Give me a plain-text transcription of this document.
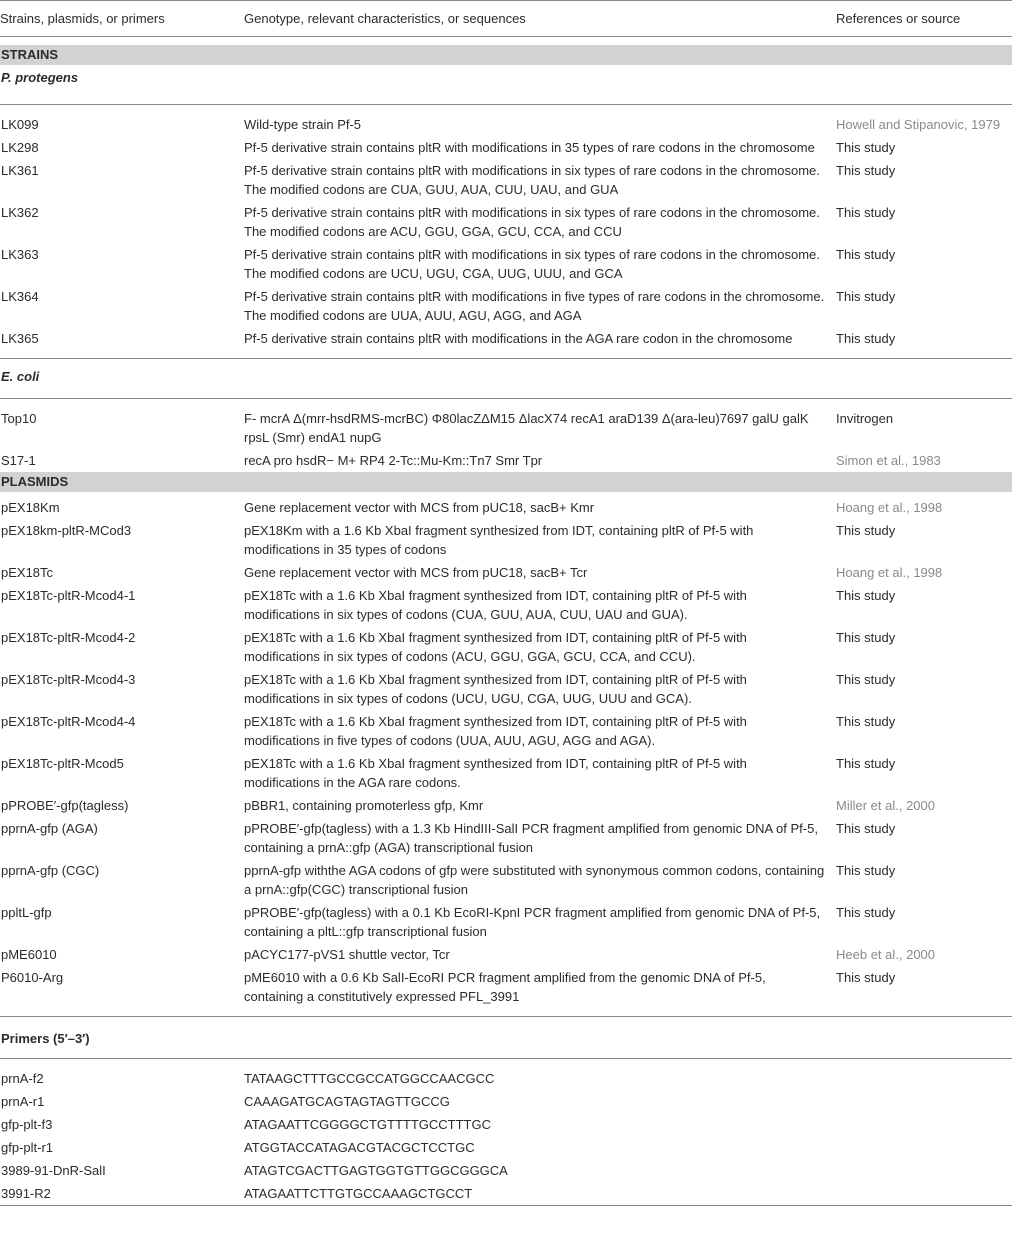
Strains, plasmids, or primers	Genotype, relevant characteristics, or sequences	References or source

STRAINS		
P. protegens		

LK099	Wild-type strain Pf-5	Howell and Stipanovic, 1979
LK298	Pf-5 derivative strain contains pltR with modifications in 35 types of rare codons in the chromosome	This study
LK361	Pf-5 derivative strain contains pltR with modifications in six types of rare codons in the chromosome. The modified codons are CUA, GUU, AUA, CUU, UAU, and GUA	This study
LK362	Pf-5 derivative strain contains pltR with modifications in six types of rare codons in the chromosome. The modified codons are ACU, GGU, GGA, GCU, CCA, and CCU	This study
LK363	Pf-5 derivative strain contains pltR with modifications in six types of rare codons in the chromosome. The modified codons are UCU, UGU, CGA, UUG, UUU, and GCA	This study
LK364	Pf-5 derivative strain contains pltR with modifications in five types of rare codons in the chromosome. The modified codons are UUA, AUU, AGU, AGG, and AGA	This study
LK365	Pf-5 derivative strain contains pltR with modifications in the AGA rare codon in the chromosome	This study

E. coli		

Top10	F- mcrA Δ(mrr-hsdRMS-mcrBC) Φ80lacZΔM15 ΔlacX74 recA1 araD139 Δ(ara-leu)7697 galU galK rpsL (Smr) endA1 nupG	Invitrogen
S17-1	recA pro hsdR− M+ RP4 2-Tc::Mu-Km::Tn7 Smr Tpr	Simon et al., 1983
PLASMIDS		

pEX18Km	Gene replacement vector with MCS from pUC18, sacB+ Kmr	Hoang et al., 1998
pEX18km-pltR-MCod3	pEX18Km with a 1.6 Kb XbaI fragment synthesized from IDT, containing pltR of Pf-5 with modifications in 35 types of codons	This study
pEX18Tc	Gene replacement vector with MCS from pUC18, sacB+ Tcr	Hoang et al., 1998
pEX18Tc-pltR-Mcod4-1	pEX18Tc with a 1.6 Kb XbaI fragment synthesized from IDT, containing pltR of Pf-5 with modifications in six types of codons (CUA, GUU, AUA, CUU, UAU and GUA).	This study
pEX18Tc-pltR-Mcod4-2	pEX18Tc with a 1.6 Kb XbaI fragment synthesized from IDT, containing pltR of Pf-5 with modifications in six types of codons (ACU, GGU, GGA, GCU, CCA, and CCU).	This study
pEX18Tc-pltR-Mcod4-3	pEX18Tc with a 1.6 Kb XbaI fragment synthesized from IDT, containing pltR of Pf-5 with modifications in six types of codons (UCU, UGU, CGA, UUG, UUU and GCA).	This study
pEX18Tc-pltR-Mcod4-4	pEX18Tc with a 1.6 Kb XbaI fragment synthesized from IDT, containing pltR of Pf-5 with modifications in five types of codons (UUA, AUU, AGU, AGG and AGA).	This study
pEX18Tc-pltR-Mcod5	pEX18Tc with a 1.6 Kb XbaI fragment synthesized from IDT, containing pltR of Pf-5 with modifications in the AGA rare codons.	This study
pPROBE′-gfp(tagless)	pBBR1, containing promoterless gfp, Kmr	Miller et al., 2000
pprnA-gfp (AGA)	pPROBE′-gfp(tagless) with a 1.3 Kb HindIII-SalI PCR fragment amplified from genomic DNA of Pf-5, containing a prnA::gfp (AGA) transcriptional fusion	This study
pprnA-gfp (CGC)	pprnA-gfp withthe AGA codons of gfp were substituted with synonymous common codons, containing a prnA::gfp(CGC) transcriptional fusion	This study
ppltL-gfp	pPROBE′-gfp(tagless) with a 0.1 Kb EcoRI-KpnI PCR fragment amplified from genomic DNA of Pf-5, containing a pltL::gfp transcriptional fusion	This study
pME6010	pACYC177-pVS1 shuttle vector, Tcr	Heeb et al., 2000
P6010-Arg	pME6010 with a 0.6 Kb SalI-EcoRI PCR fragment amplified from the genomic DNA of Pf-5, containing a constitutively expressed PFL_3991	This study

Primers (5′–3′)		

prnA-f2	TATAAGCTTTGCCGCCATGGCCAACGCC	
prnA-r1	CAAAGATGCAGTAGTAGTTGCCG	
gfp-plt-f3	ATAGAATTCGGGGCTGTTTTGCCTTTGC	
gfp-plt-r1	ATGGTACCATAGACGTACGCTCCTGC	
3989-91-DnR-SalI	ATAGTCGACTTGAGTGGTGTTGGCGGGCA	
3991-R2	ATAGAATTCTTGTGCCAAAGCTGCCT	
